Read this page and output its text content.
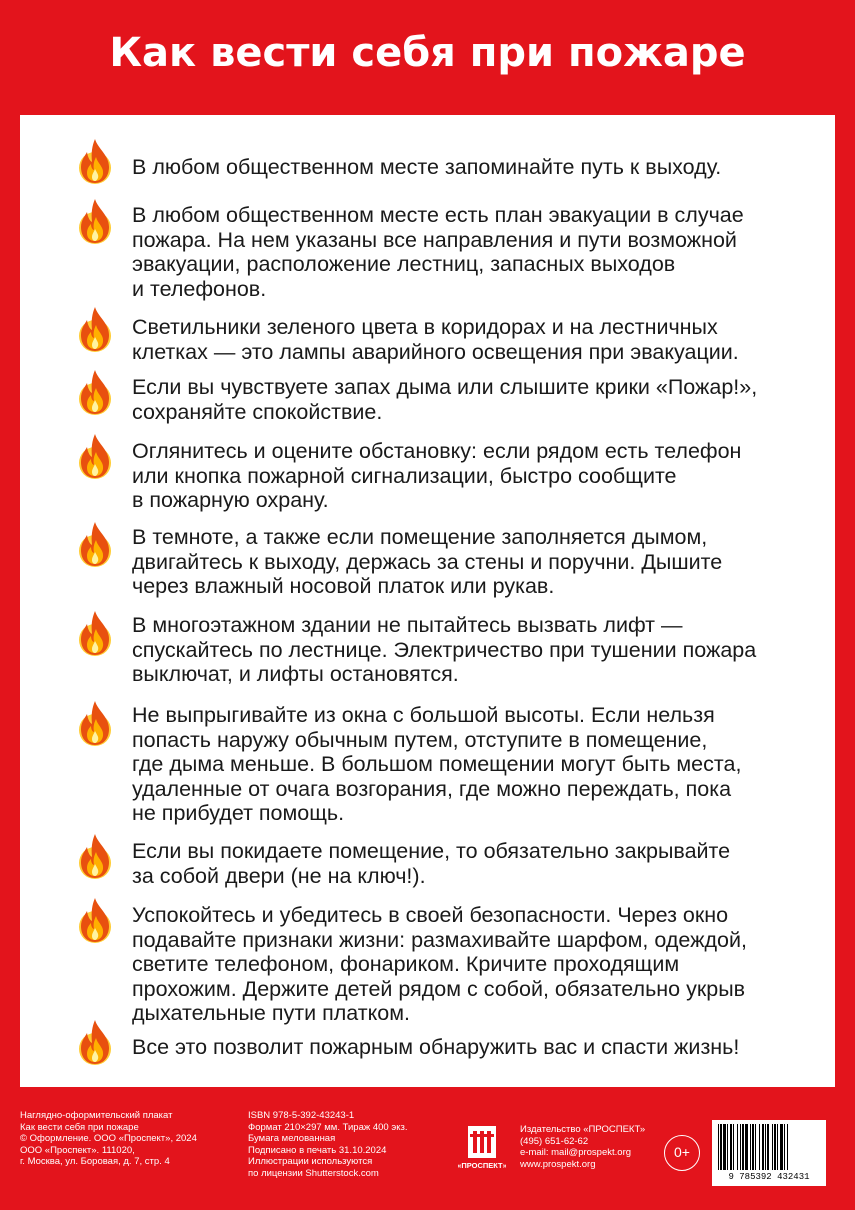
Как вести себя при пожаре
В любом общественном месте запоминайте путь к выходу.
В любом общественном месте есть план эвакуации в случае
пожара. На нем указаны все направления и пути возможной
эвакуации, расположение лестниц, запасных выходов
и телефонов.
Светильники зеленого цвета в коридорах и на лестничных
клетках — это лампы аварийного освещения при эвакуации.
Если вы чувствуете запах дыма или слышите крики «Пожар!»,
сохраняйте спокойствие.
Оглянитесь и оцените обстановку: если рядом есть телефон
или кнопка пожарной сигнализации, быстро сообщите
в пожарную охрану.
В темноте, а также если помещение заполняется дымом,
двигайтесь к выходу, держась за стены и поручни. Дышите
через влажный носовой платок или рукав.
В многоэтажном здании не пытайтесь вызвать лифт —
спускайтесь по лестнице. Электричество при тушении пожара
выключат, и лифты остановятся.
Не выпрыгивайте из окна с большой высоты. Если нельзя
попасть наружу обычным путем, отступите в помещение,
где дыма меньше. В большом помещении могут быть места,
удаленные от очага возгорания, где можно переждать, пока
не прибудет помощь.
Если вы покидаете помещение, то обязательно закрывайте
за собой двери (не на ключ!).
Успокойтесь и убедитесь в своей безопасности. Через окно
подавайте признаки жизни: размахивайте шарфом, одеждой,
светите телефоном, фонариком. Кричите проходящим
прохожим. Держите детей рядом с собой, обязательно укрыв
дыхательные пути платком.
Все это позволит пожарным обнаружить вас и спасти жизнь!
Наглядно-оформительский плакат
Как вести себя при пожаре
© Оформление. ООО «Проспект», 2024
ООО «Проспект». 111020,
г. Москва, ул. Боровая, д. 7, стр. 4
ISBN 978-5-392-43243-1
Формат 210×297 мм. Тираж 400 экз.
Бумага мелованная
Подписано в печать 31.10.2024
Иллюстрации используются
по лицензии Shutterstock.com
«ПРОСПЕКТ»
Издательство «ПРОСПЕКТ»
(495) 651-62-62
e-mail: mail@prospekt.org
www.prospekt.org
0+
9 785392 432431
